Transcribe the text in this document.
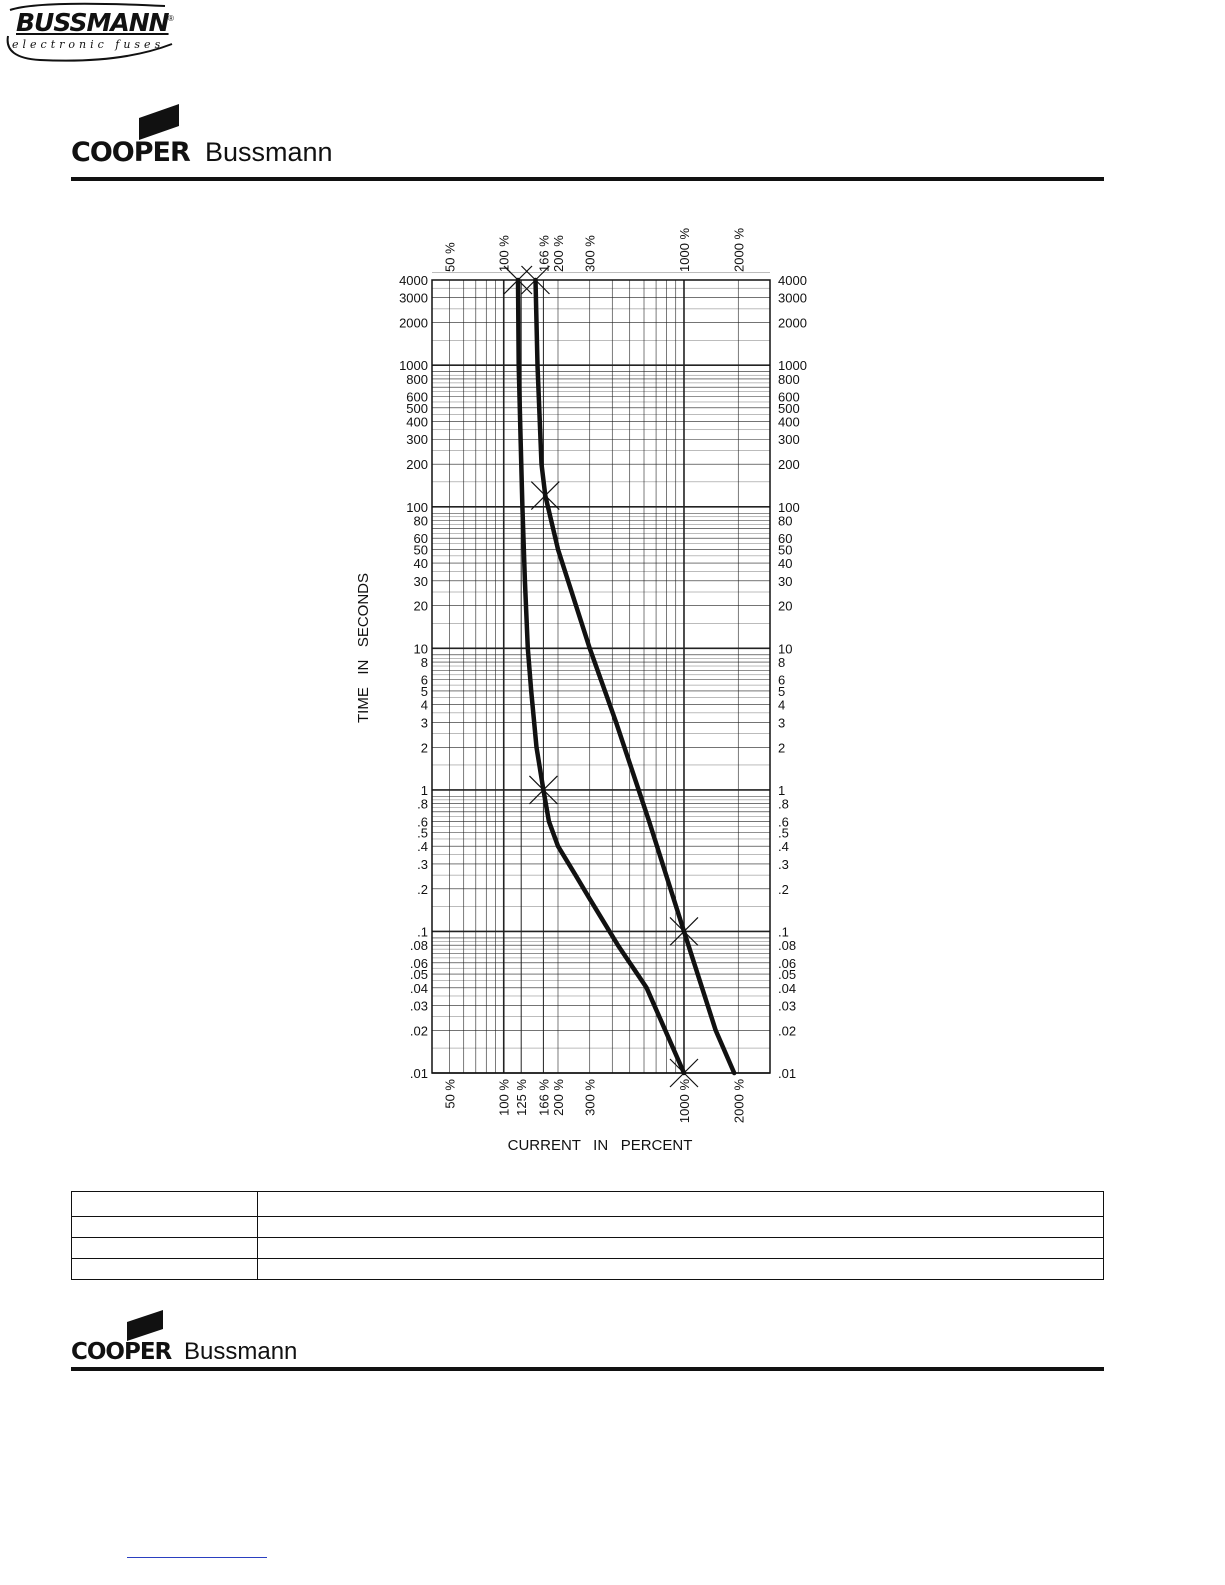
BUSSMANN ®
electronic fuses
COOPER Bussmann
4000
3000
2000
1000
800
600
500
400
300
200
100
80
60
50
40
30
20
10
8
6
5
4
3
2
1
.8
.6
.5
.4
.3
.2
.1
.08
.06
.05
.04
.03
.02
.01
4000
3000
2000
1000
800
600
500
400
300
200
100
80
60
50
40
30
20
10
8
6
5
4
3
2
1
.8
.6
.5
.4
.3
.2
.1
.08
.06
.05
.04
.03
.02
.01
50 %	100 % 166 % 200 % 300 %	1000 %	2000 %
50 %	100 % 125 % 166 % 200 % 300 %	1000 %	2000 %
TIME   IN   SECONDS
CURRENT   IN   PERCENT

COOPER Bussmann
